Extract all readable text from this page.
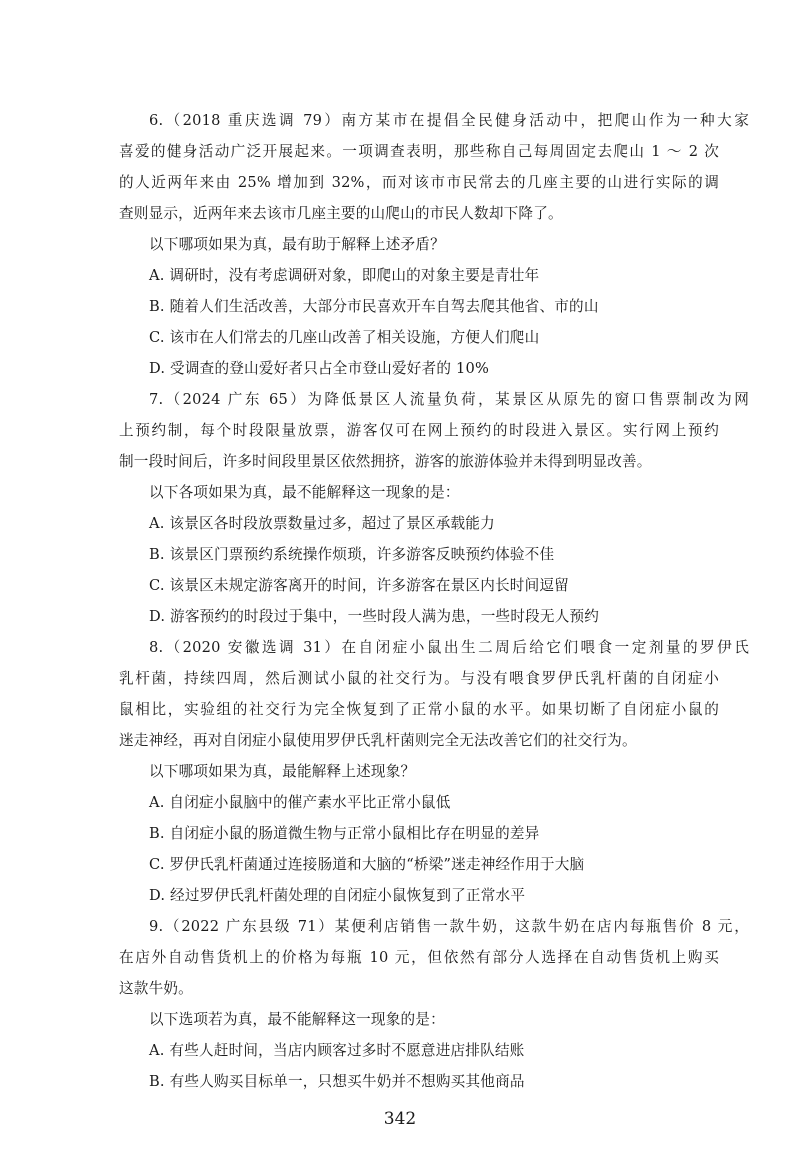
6.（2018 重庆选调 79）南方某市在提倡全民健身活动中，把爬山作为一种大家
喜爱的健身活动广泛开展起来。一项调查表明，那些称自己每周固定去爬山 1 ～ 2 次
的人近两年来由 25% 增加到 32%，而对该市市民常去的几座主要的山进行实际的调
查则显示，近两年来去该市几座主要的山爬山的市民人数却下降了。
以下哪项如果为真，最有助于解释上述矛盾？
A. 调研时，没有考虑调研对象，即爬山的对象主要是青壮年
B. 随着人们生活改善，大部分市民喜欢开车自驾去爬其他省、市的山
C. 该市在人们常去的几座山改善了相关设施，方便人们爬山
D. 受调查的登山爱好者只占全市登山爱好者的 10%
7.（2024 广东 65）为降低景区人流量负荷，某景区从原先的窗口售票制改为网
上预约制，每个时段限量放票，游客仅可在网上预约的时段进入景区。实行网上预约
制一段时间后，许多时间段里景区依然拥挤，游客的旅游体验并未得到明显改善。
以下各项如果为真，最不能解释这一现象的是：
A. 该景区各时段放票数量过多，超过了景区承载能力
B. 该景区门票预约系统操作烦琐，许多游客反映预约体验不佳
C. 该景区未规定游客离开的时间，许多游客在景区内长时间逗留
D. 游客预约的时段过于集中，一些时段人满为患，一些时段无人预约
8.（2020 安徽选调 31）在自闭症小鼠出生二周后给它们喂食一定剂量的罗伊氏
乳杆菌，持续四周，然后测试小鼠的社交行为。与没有喂食罗伊氏乳杆菌的自闭症小
鼠相比，实验组的社交行为完全恢复到了正常小鼠的水平。如果切断了自闭症小鼠的
迷走神经，再对自闭症小鼠使用罗伊氏乳杆菌则完全无法改善它们的社交行为。
以下哪项如果为真，最能解释上述现象？
A. 自闭症小鼠脑中的催产素水平比正常小鼠低
B. 自闭症小鼠的肠道微生物与正常小鼠相比存在明显的差异
C. 罗伊氏乳杆菌通过连接肠道和大脑的“桥梁”迷走神经作用于大脑
D. 经过罗伊氏乳杆菌处理的自闭症小鼠恢复到了正常水平
9.（2022 广东县级 71）某便利店销售一款牛奶，这款牛奶在店内每瓶售价 8 元，
在店外自动售货机上的价格为每瓶 10 元，但依然有部分人选择在自动售货机上购买
这款牛奶。
以下选项若为真，最不能解释这一现象的是：
A. 有些人赶时间，当店内顾客过多时不愿意进店排队结账
B. 有些人购买目标单一，只想买牛奶并不想购买其他商品
342
